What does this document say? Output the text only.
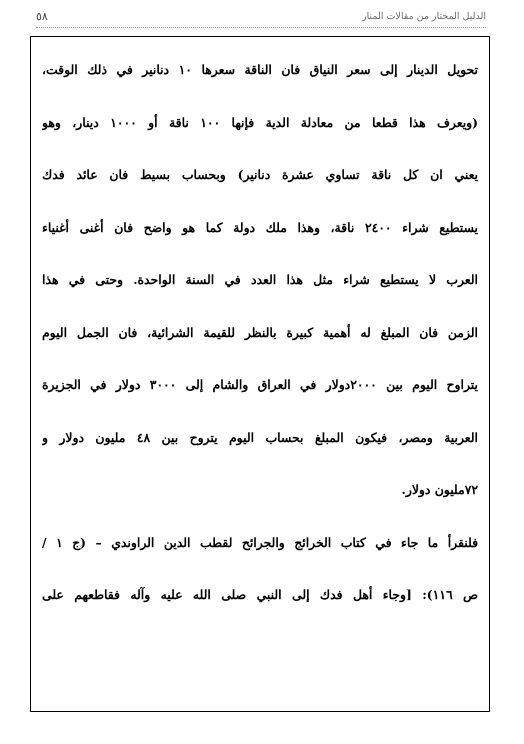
٥٨	الدليل المختار من مقالات المنار
تحويل الدينار إلى سعر النياق فان الناقة سعرها ١٠ دنانير في ذلك الوقت،
(ويعرف هذا قطعا من معادلة الدية فإنها ١٠٠ ناقة أو ١٠٠٠ دينار، وهو
يعني ان كل ناقة تساوي عشرة دنانير) وبحساب بسيط فان عائد فدك
يستطيع شراء ٢٤٠٠ ناقة، وهذا ملك دولة كما هو واضح فان أغنى أغنياء
العرب لا يستطيع شراء مثل هذا العدد في السنة الواحدة. وحتى في هذا
الزمن فان المبلغ له أهمية كبيرة بالنظر للقيمة الشرائية، فان الجمل اليوم
يتراوح اليوم بين ٢٠٠٠دولار في العراق والشام إلى ٣٠٠٠ دولار في الجزيرة
العربية ومصر، فيكون المبلغ بحساب اليوم يتروح بين ٤٨ مليون دولار و
٧٢مليون دولار.
فلنقرأ ما جاء في كتاب الخرائج والجرائح لقطب الدين الراوندي – (ج ١ /
ص ١١٦): [وجاء أهل فدك إلى النبي صلى الله عليه وآله فقاطعهم على
